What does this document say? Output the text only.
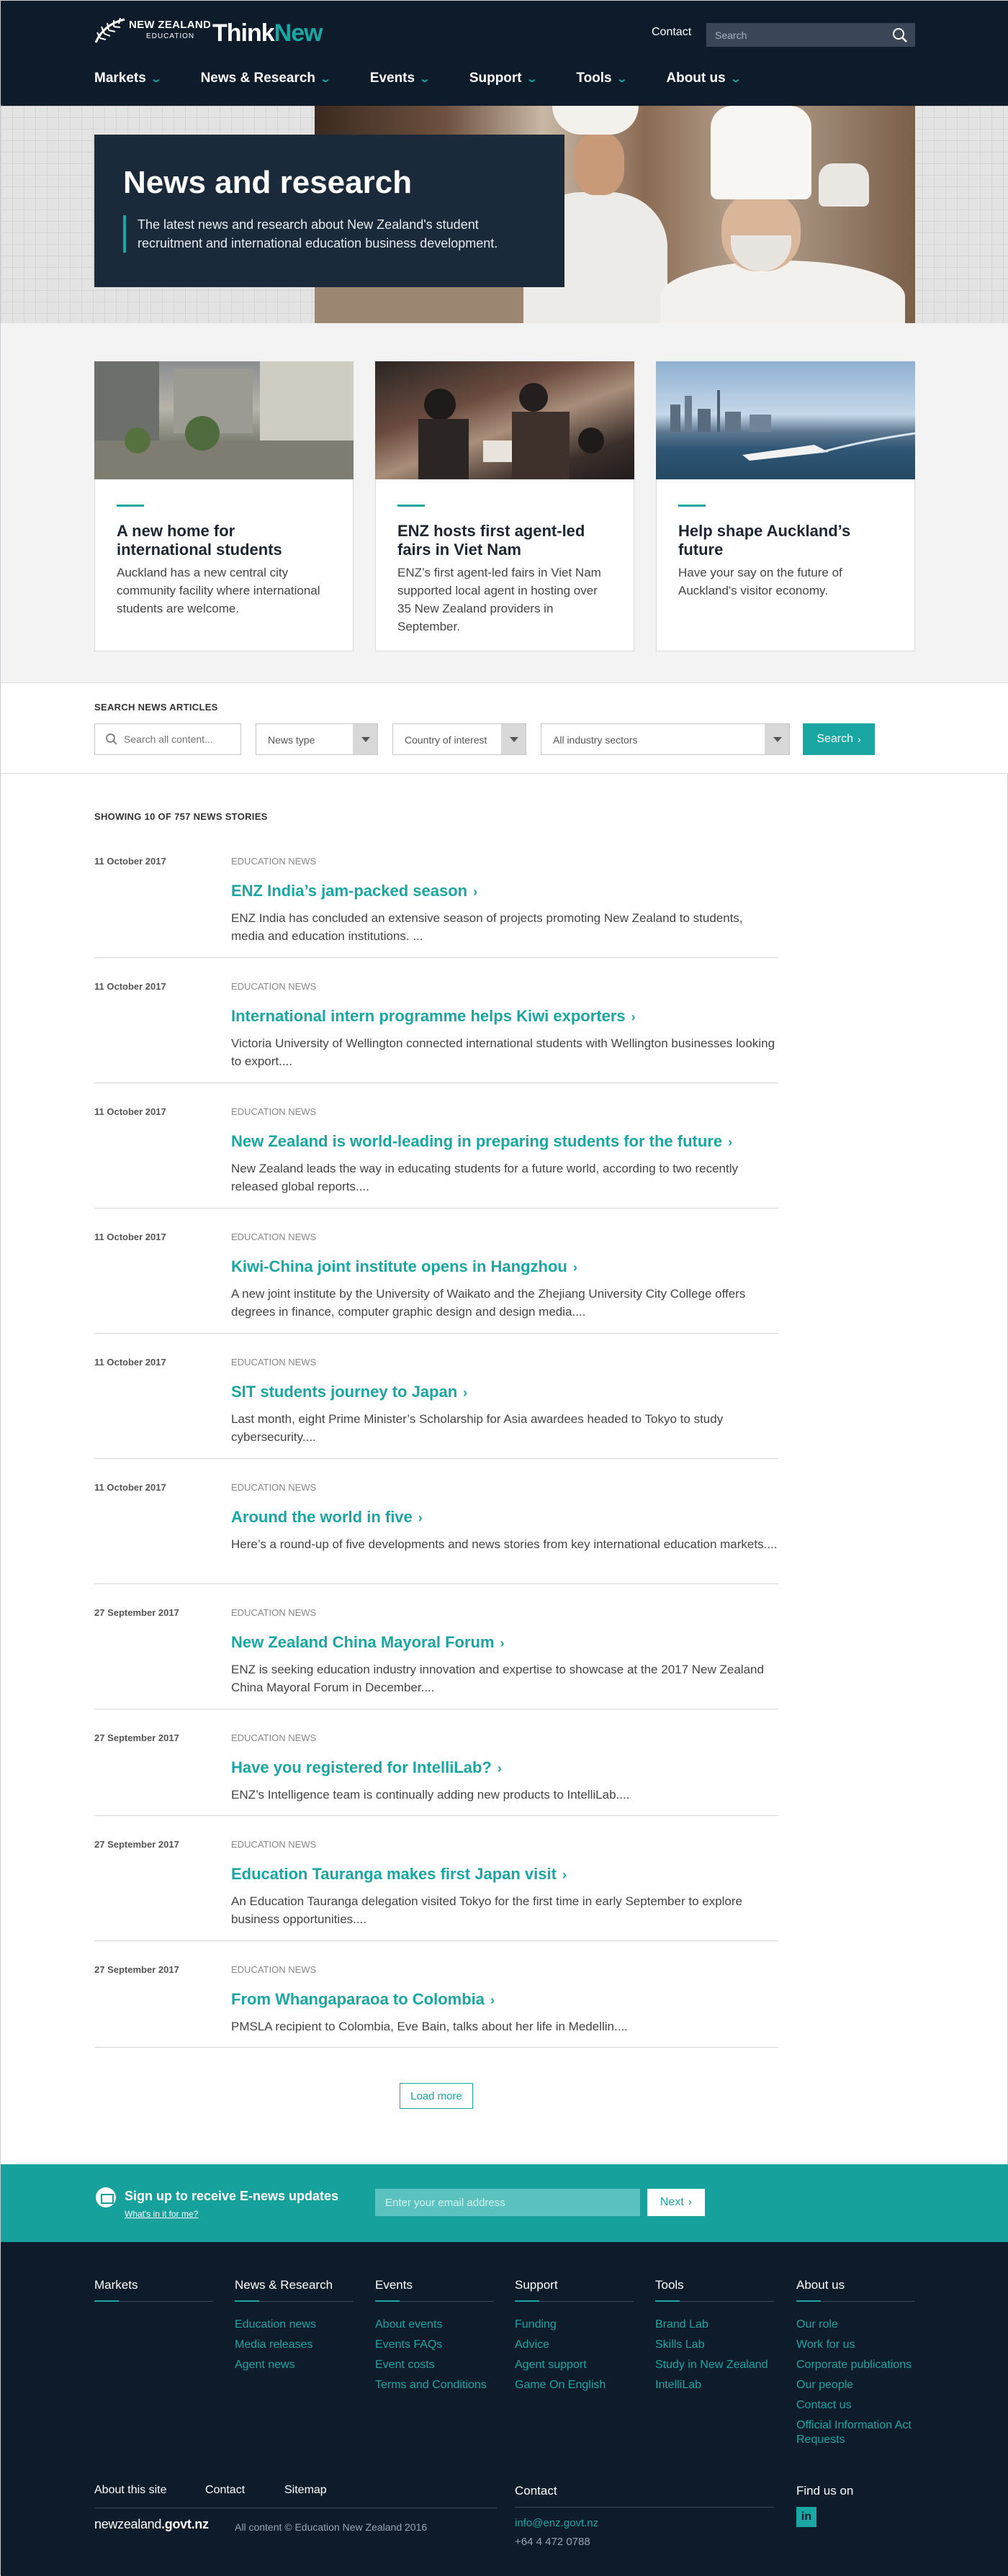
NEW ZEALAND
EDUCATION ThinkNew	Contact
Search
Markets ⌄	News & Research ⌄	Events ⌄	Support ⌄	Tools ⌄	About us ⌄
News and research

The latest news and research about New Zealand's student recruitment and international education business development.

A new home for international students

Auckland has a new central city community facility where international students are welcome.

ENZ hosts first agent-led fairs in Viet Nam

ENZ’s first agent-led fairs in Viet Nam supported local agent in hosting over 35 New Zealand providers in September.

Help shape Auckland’s future

Have your say on the future of Auckland's visitor economy.

SEARCH NEWS ARTICLES
Search all content...
News type	Country of interest	All industry sectors	Search ›
SHOWING 10 OF 757 NEWS STORIES
11 October 2017	EDUCATION NEWS
ENZ India’s jam-packed season ›
ENZ India has concluded an extensive season of projects promoting New Zealand to students, media and education institutions. ...
11 October 2017	EDUCATION NEWS
International intern programme helps Kiwi exporters ›
Victoria University of Wellington connected international students with Wellington businesses looking to export....
11 October 2017	EDUCATION NEWS
New Zealand is world-leading in preparing students for the future ›
New Zealand leads the way in educating students for a future world, according to two recently released global reports....
11 October 2017	EDUCATION NEWS
Kiwi-China joint institute opens in Hangzhou ›
A new joint institute by the University of Waikato and the Zhejiang University City College offers degrees in finance, computer graphic design and design media....
11 October 2017	EDUCATION NEWS
SIT students journey to Japan ›
Last month, eight Prime Minister’s Scholarship for Asia awardees headed to Tokyo to study cybersecurity....
11 October 2017	EDUCATION NEWS
Around the world in five ›
Here’s a round-up of five developments and news stories from key international education markets....
27 September 2017	EDUCATION NEWS
New Zealand China Mayoral Forum ›
ENZ is seeking education industry innovation and expertise to showcase at the 2017 New Zealand China Mayoral Forum in December....
27 September 2017	EDUCATION NEWS
Have you registered for IntelliLab? ›
ENZ’s Intelligence team is continually adding new products to IntelliLab....
27 September 2017	EDUCATION NEWS
Education Tauranga makes first Japan visit ›
An Education Tauranga delegation visited Tokyo for the first time in early September to explore business opportunities....
27 September 2017	EDUCATION NEWS
From Whangaparaoa to Colombia ›
PMSLA recipient to Colombia, Eve Bain, talks about her life in Medellin....
Load more
Sign up to receive E-news updates
What's in it for me?
Enter your email address
Next ›
Markets	News & Research
Education news
Media releases
Agent news
Events
About events
Events FAQs
Event costs
Terms and Conditions
Support
Funding
Advice
Agent support
Game On English
Tools
Brand Lab
Skills Lab
Study in New Zealand
IntelliLab
About us
Our role
Work for us
Corporate publications
Our people
Contact us
Official Information Act Requests
About this site	Contact	Sitemap
newzealand.govt.nz	All content © Education New Zealand 2016
Contact
info@enz.govt.nz
+64 4 472 0788
Find us on
in
